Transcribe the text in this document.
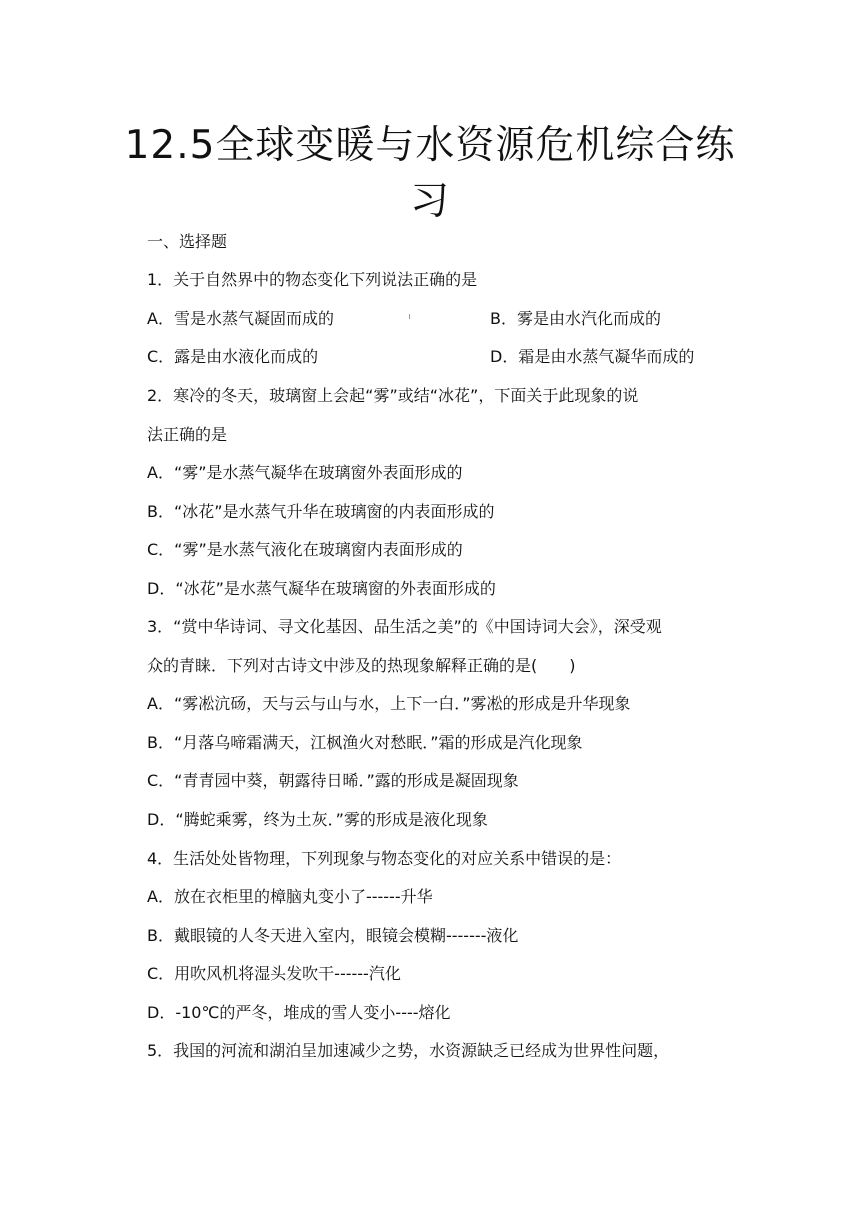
12.5全球变暖与水资源危机综合练
习

一、选择题

1．关于自然界中的物态变化下列说法正确的是

A．雪是水蒸气凝固而成的	B．雾是由水汽化而成的

C．露是由水液化而成的	D．霜是由水蒸气凝华而成的

2．寒冷的冬天，玻璃窗上会起“雾”或结“冰花”，下面关于此现象的说

法正确的是

A．“雾”是水蒸气凝华在玻璃窗外表面形成的

B．“冰花”是水蒸气升华在玻璃窗的内表面形成的

C．“雾”是水蒸气液化在玻璃窗内表面形成的

D．“冰花”是水蒸气凝华在玻璃窗的外表面形成的

3．“赏中华诗词、寻文化基因、品生活之美”的《中国诗词大会》，深受观

众的青睐．下列对古诗文中涉及的热现象解释正确的是(　　)

A．“雾凇沆砀，天与云与山与水，上下一白．”雾凇的形成是升华现象

B．“月落乌啼霜满天，江枫渔火对愁眠．”霜的形成是汽化现象

C．“青青园中葵，朝露待日晞．”露的形成是凝固现象

D．“腾蛇乘雾，终为土灰．”雾的形成是液化现象

4．生活处处皆物理，下列现象与物态变化的对应关系中错误的是：

A．放在衣柜里的樟脑丸变小了------升华

B．戴眼镜的人冬天进入室内，眼镜会模糊-------液化

C．用吹风机将湿头发吹干------汽化

D．-10℃的严冬，堆成的雪人变小----熔化

5．我国的河流和湖泊呈加速减少之势，水资源缺乏已经成为世界性问题，
